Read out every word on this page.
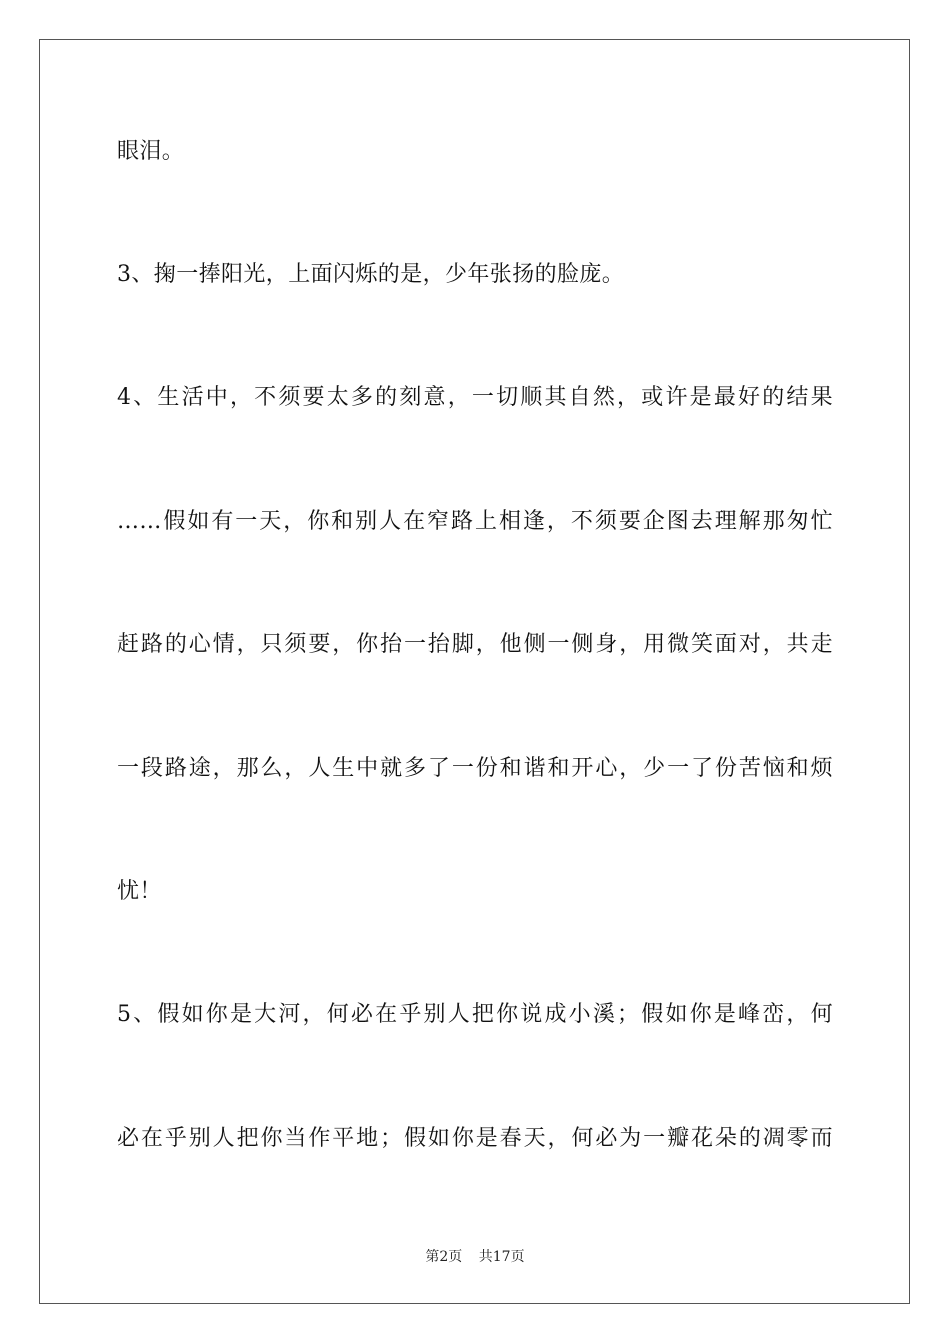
眼泪。
3、掬一捧阳光，上面闪烁的是，少年张扬的脸庞。
4、生活中，不须要太多的刻意，一切顺其自然，或许是最好的结果
……假如有一天，你和别人在窄路上相逢，不须要企图去理解那匆忙
赶路的心情，只须要，你抬一抬脚，他侧一侧身，用微笑面对，共走
一段路途，那么，人生中就多了一份和谐和开心，少一了份苦恼和烦
忧！
5、假如你是大河，何必在乎别人把你说成小溪；假如你是峰峦，何
必在乎别人把你当作平地；假如你是春天，何必为一瓣花朵的凋零而
第2页 共17页
